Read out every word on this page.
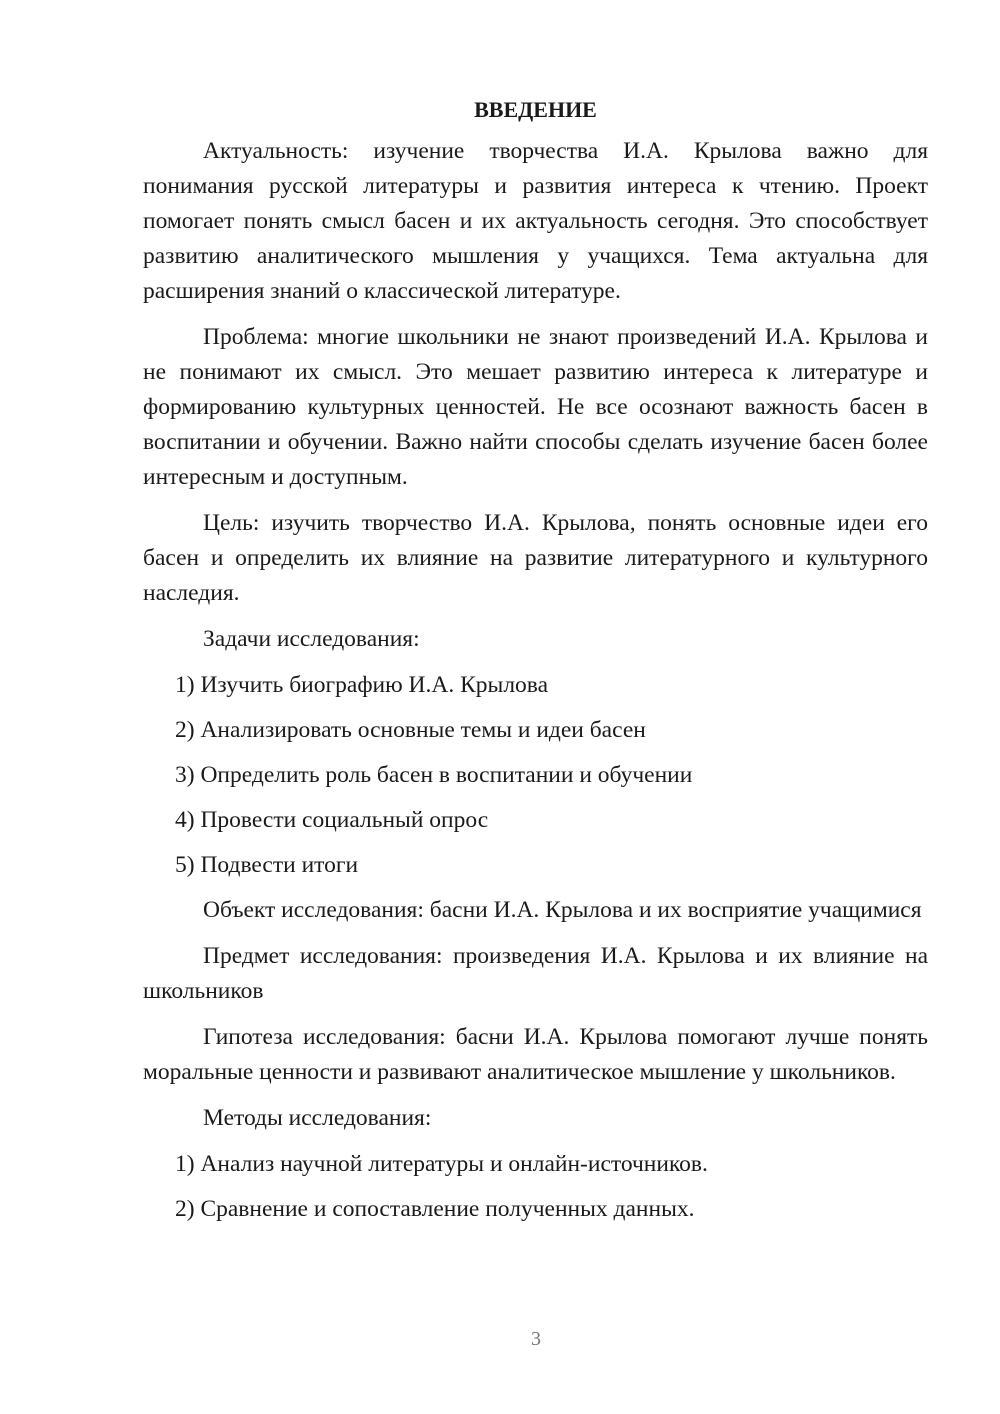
ВВЕДЕНИЕ

Актуальность: изучение творчества И.А. Крылова важно для понимания русской литературы и развития интереса к чтению. Проект помогает понять смысл басен и их актуальность сегодня. Это способствует развитию аналитического мышления у учащихся. Тема актуальна для расширения знаний о классической литературе.

Проблема: многие школьники не знают произведений И.А. Крылова и не понимают их смысл. Это мешает развитию интереса к литературе и формированию культурных ценностей. Не все осознают важность басен в воспитании и обучении. Важно найти способы сделать изучение басен более интересным и доступным.

Цель: изучить творчество И.А. Крылова, понять основные идеи его басен и определить их влияние на развитие литературного и культурного наследия.

Задачи исследования:

1) Изучить биографию И.А. Крылова
2) Анализировать основные темы и идеи басен
3) Определить роль басен в воспитании и обучении
4) Провести социальный опрос
5) Подвести итоги

Объект исследования: басни И.А. Крылова и их восприятие учащимися

Предмет исследования: произведения И.А. Крылова и их влияние на школьников

Гипотеза исследования: басни И.А. Крылова помогают лучше понять моральные ценности и развивают аналитическое мышление у школьников.

Методы исследования:

1) Анализ научной литературы и онлайн-источников.
2) Сравнение и сопоставление полученных данных.
3
